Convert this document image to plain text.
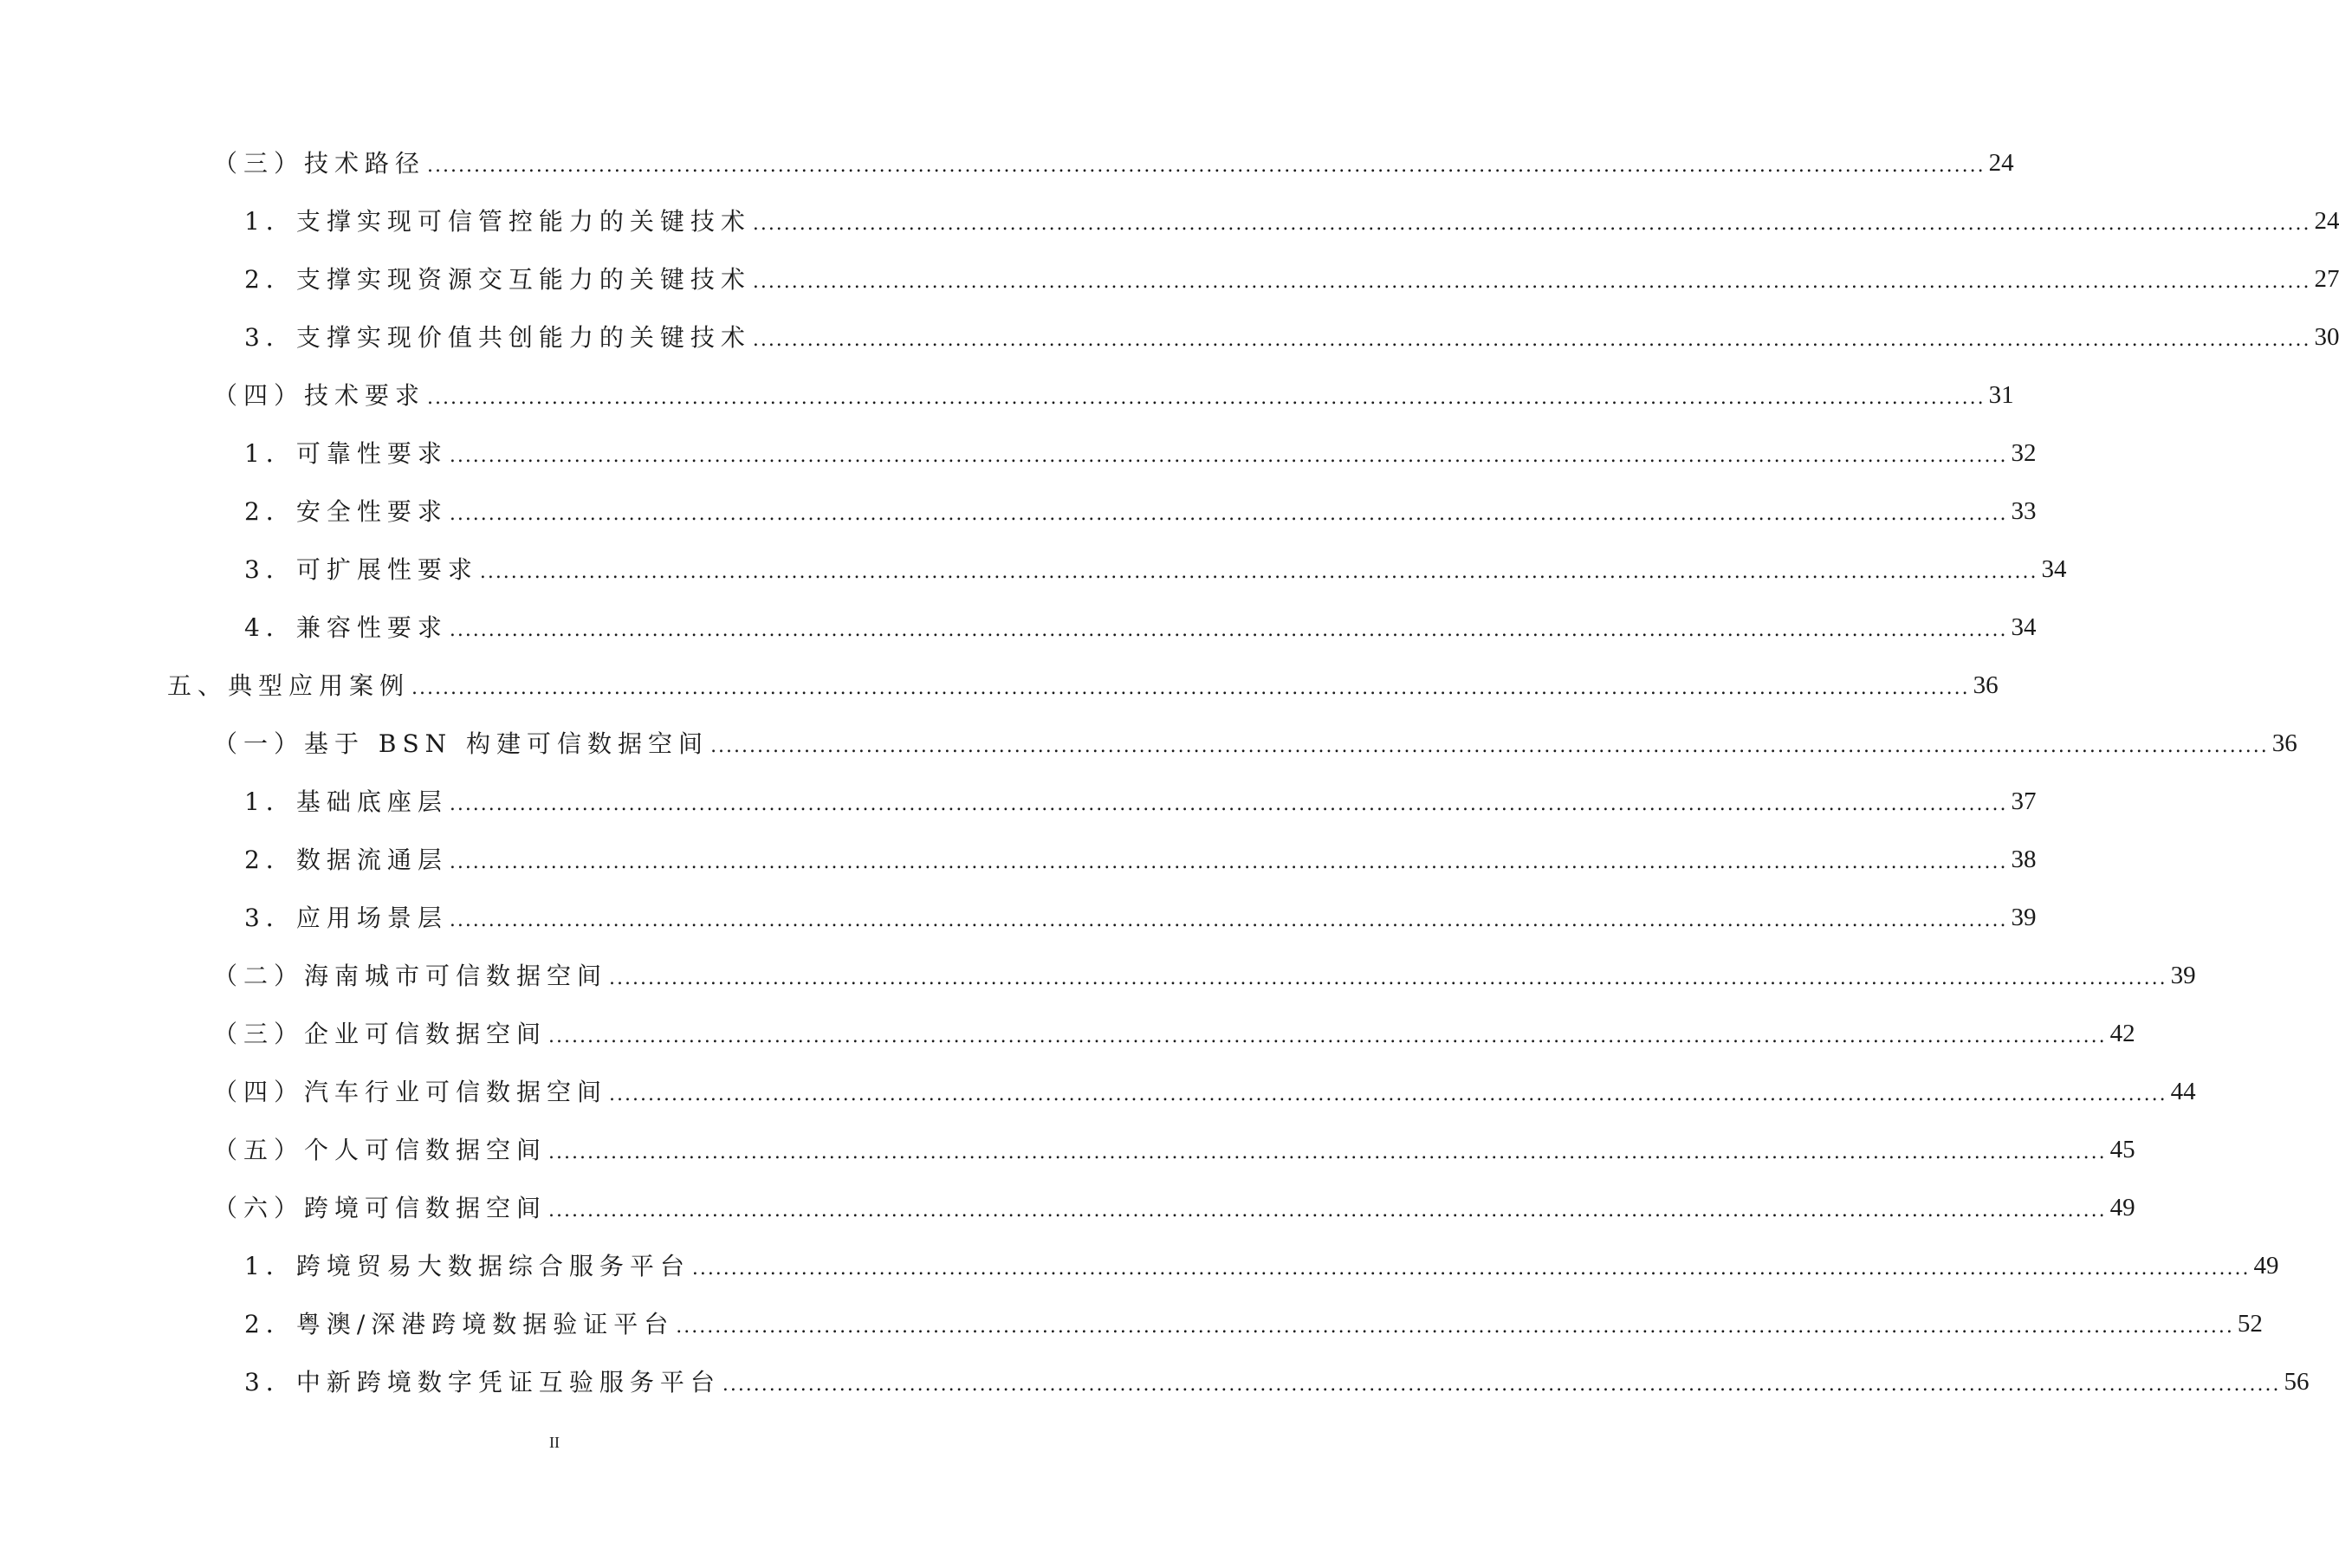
（三）技术路径 ........................................................................................................................................................................................................ 24
1．支撑实现可信管控能力的关键技术 ........................................................................................................................................................................................................ 24
2．支撑实现资源交互能力的关键技术 ........................................................................................................................................................................................................ 27
3．支撑实现价值共创能力的关键技术 ........................................................................................................................................................................................................ 30
（四）技术要求 ........................................................................................................................................................................................................ 31
1．可靠性要求 ........................................................................................................................................................................................................ 32
2．安全性要求 ........................................................................................................................................................................................................ 33
3．可扩展性要求 ........................................................................................................................................................................................................ 34
4．兼容性要求 ........................................................................................................................................................................................................ 34
五、典型应用案例 ........................................................................................................................................................................................................ 36
（一）基于 BSN 构建可信数据空间 ........................................................................................................................................................................................................ 36
1．基础底座层 ........................................................................................................................................................................................................ 37
2．数据流通层 ........................................................................................................................................................................................................ 38
3．应用场景层 ........................................................................................................................................................................................................ 39
（二）海南城市可信数据空间 ........................................................................................................................................................................................................ 39
（三）企业可信数据空间 ........................................................................................................................................................................................................ 42
（四）汽车行业可信数据空间 ........................................................................................................................................................................................................ 44
（五）个人可信数据空间 ........................................................................................................................................................................................................ 45
（六）跨境可信数据空间 ........................................................................................................................................................................................................ 49
1．跨境贸易大数据综合服务平台 ........................................................................................................................................................................................................ 49
2．粤澳/深港跨境数据验证平台 ........................................................................................................................................................................................................ 52
3．中新跨境数字凭证互验服务平台 ........................................................................................................................................................................................................ 56
II
